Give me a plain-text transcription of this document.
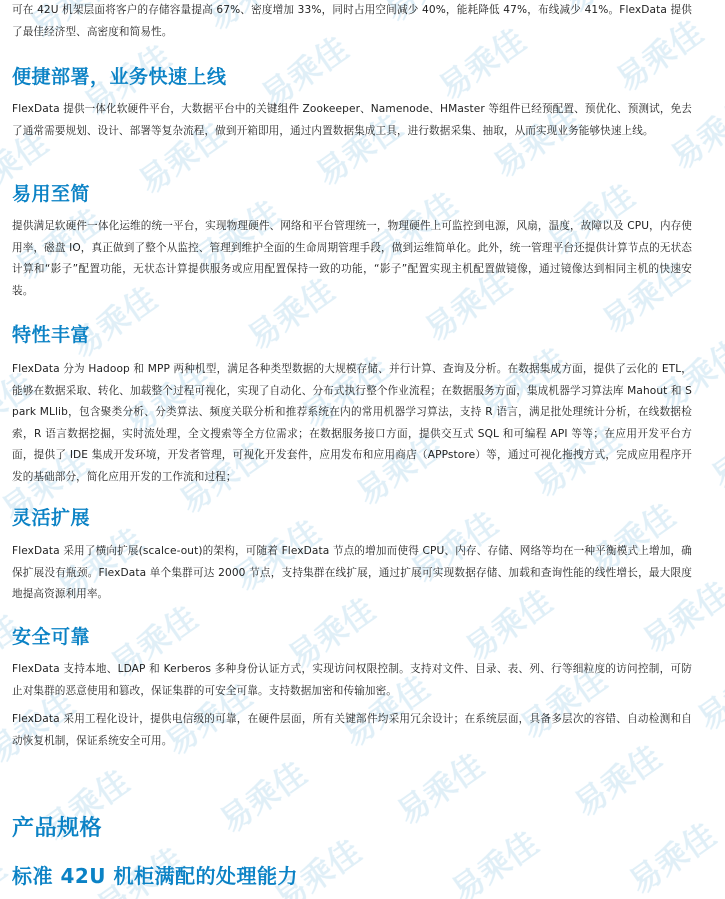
可在 42U 机架层面将客户的存储容量提高 67%、密度增加 33%，同时占用空间减少 40%，能耗降低 47%，布线减少 41%。FlexData 提供了最佳经济型、高密度和简易性。
便捷部署，业务快速上线
FlexData 提供一体化软硬件平台，大数据平台中的关键组件 Zookeeper、Namenode、HMaster 等组件已经预配置、预优化、预测试，免去了通常需要规划、设计、部署等复杂流程，做到开箱即用，通过内置数据集成工具，进行数据采集、抽取，从而实现业务能够快速上线。
易用至简
提供满足软硬件一体化运维的统一平台，实现物理硬件、网络和平台管理统一，物理硬件上可监控到电源，风扇，温度，故障以及 CPU，内存使用率，磁盘 IO，真正做到了整个从监控、管理到维护全面的生命周期管理手段，做到运维简单化。此外，统一管理平台还提供计算节点的无状态计算和“影子”配置功能，无状态计算提供服务或应用配置保持一致的功能，“影子”配置实现主机配置做镜像，通过镜像达到相同主机的快速安装。
特性丰富
FlexData 分为 Hadoop 和 MPP 两种机型，满足各种类型数据的大规模存储、并行计算、查询及分析。在数据集成方面，提供了云化的 ETL，能够在数据采取、转化、加载整个过程可视化，实现了自动化、分布式执行整个作业流程；在数据服务方面，集成机器学习算法库 Mahout 和 Spark MLlib，包含聚类分析、分类算法、频度关联分析和推荐系统在内的常用机器学习算法，支持 R 语言，满足批处理统计分析，在线数据检索，R 语言数据挖掘，实时流处理，全文搜索等全方位需求；在数据服务接口方面，提供交互式 SQL 和可编程 API 等等；在应用开发平台方面，提供了 IDE 集成开发环境，开发者管理，可视化开发套件，应用发布和应用商店（APPstore）等，通过可视化拖拽方式，完成应用程序开发的基础部分，简化应用开发的工作流和过程；
灵活扩展
FlexData 采用了横向扩展(scalce-out)的架构，可随着 FlexData 节点的增加而使得 CPU、内存、存储、网络等均在一种平衡模式上增加，确保扩展没有瓶颈。FlexData 单个集群可达 2000 节点，支持集群在线扩展，通过扩展可实现数据存储、加载和查询性能的线性增长，最大限度地提高资源利用率。
安全可靠
FlexData 支持本地、LDAP 和 Kerberos 多种身份认证方式，实现访问权限控制。支持对文件、目录、表、列、行等细粒度的访问控制，可防止对集群的恶意使用和篡改，保证集群的可安全可靠。支持数据加密和传输加密。
FlexData 采用工程化设计，提供电信级的可靠，在硬件层面，所有关键部件均采用冗余设计；在系统层面，具备多层次的容错、自动检测和自动恢复机制，保证系统安全可用。
产品规格
标准 42U 机柜满配的处理能力
